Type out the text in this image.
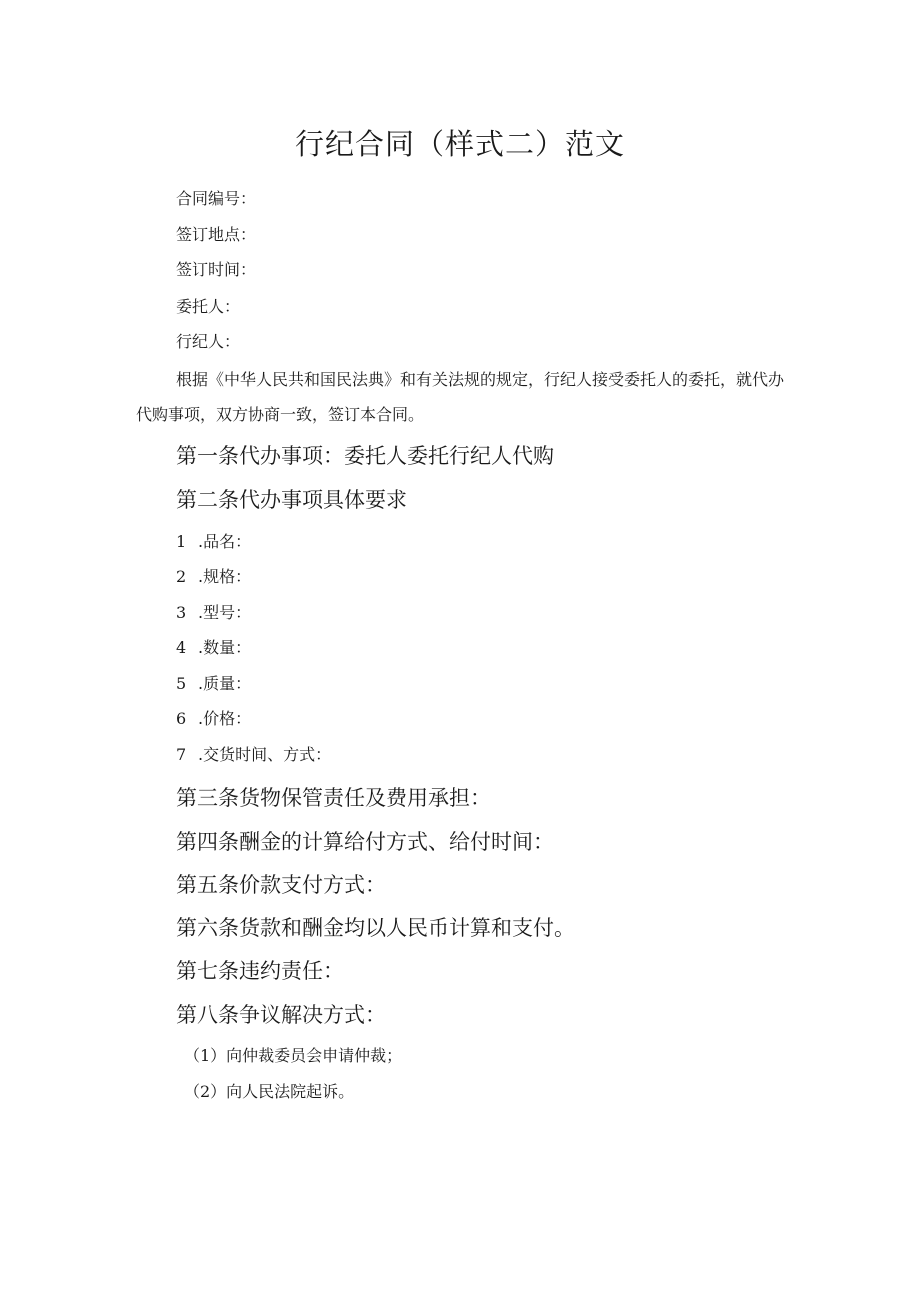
行纪合同（样式二）范文
合同编号：
签订地点：
签订时间：
委托人：
行纪人：

根据《中华人民共和国民法典》和有关法规的规定，行纪人接受委托人的委托，就代办代购事项，双方协商一致，签订本合同。

第一条代办事项：委托人委托行纪人代购
第二条代办事项具体要求
1 .品名：
2 .规格：
3 .型号：
4 .数量：
5 .质量：
6 .价格：
7 .交货时间、方式：
第三条货物保管责任及费用承担：
第四条酬金的计算给付方式、给付时间：
第五条价款支付方式：
第六条货款和酬金均以人民币计算和支付。
第七条违约责任：
第八条争议解决方式：
（1）向仲裁委员会申请仲裁；
（2）向人民法院起诉。
